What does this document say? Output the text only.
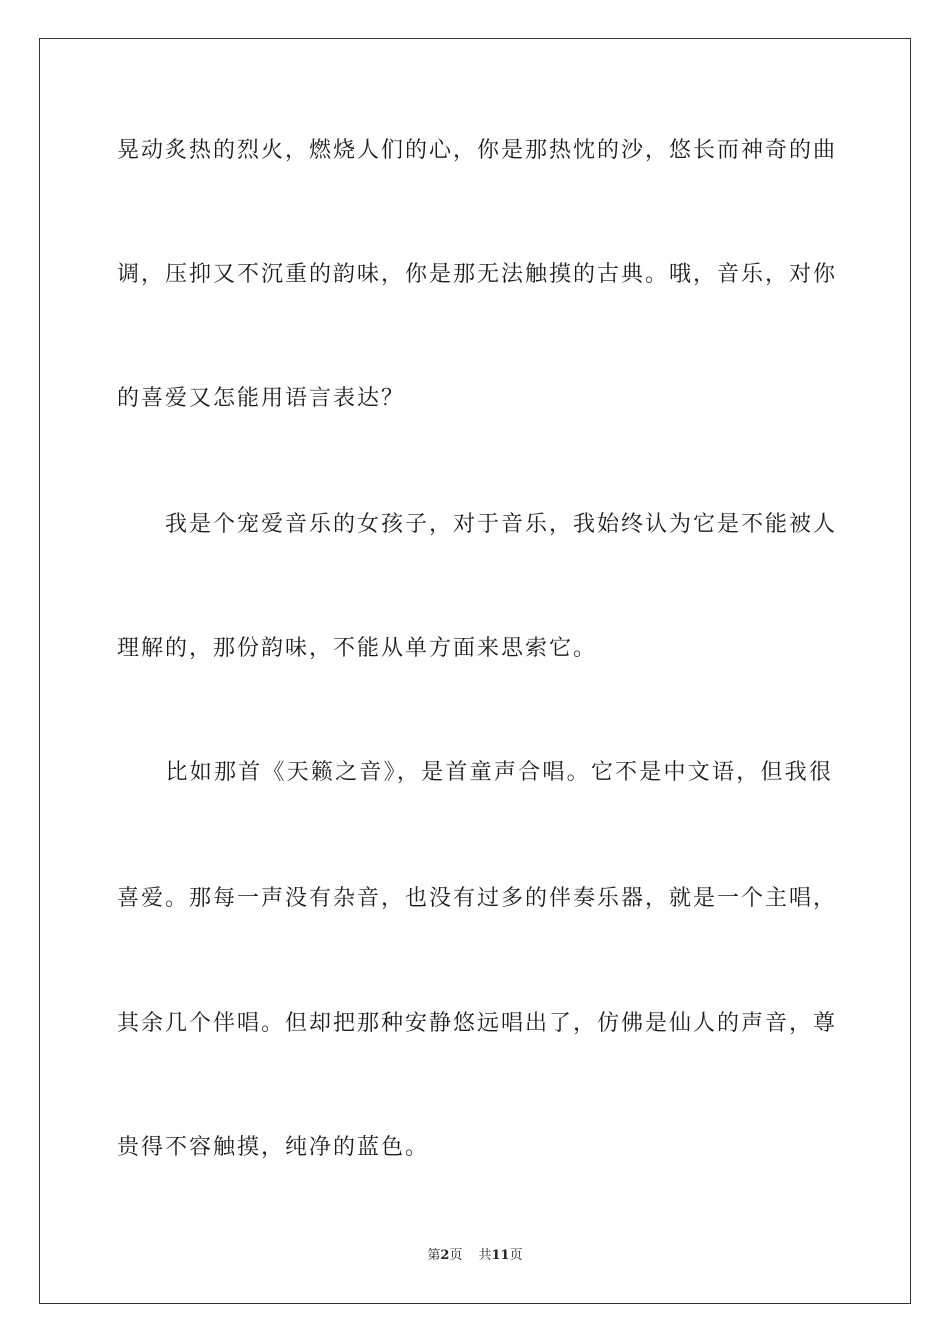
晃动炙热的烈火，燃烧人们的心，你是那热忱的沙，悠长而神奇的曲
调，压抑又不沉重的韵味，你是那无法触摸的古典。哦，音乐，对你
的喜爱又怎能用语言表达？
　　我是个宠爱音乐的女孩子，对于音乐，我始终认为它是不能被人
理解的，那份韵味，不能从单方面来思索它。
　　比如那首《天籁之音》，是首童声合唱。它不是中文语，但我很
喜爱。那每一声没有杂音，也没有过多的伴奏乐器，就是一个主唱，
其余几个伴唱。但却把那种安静悠远唱出了，仿佛是仙人的声音，尊
贵得不容触摸，纯净的蓝色。
第2页 共11页
